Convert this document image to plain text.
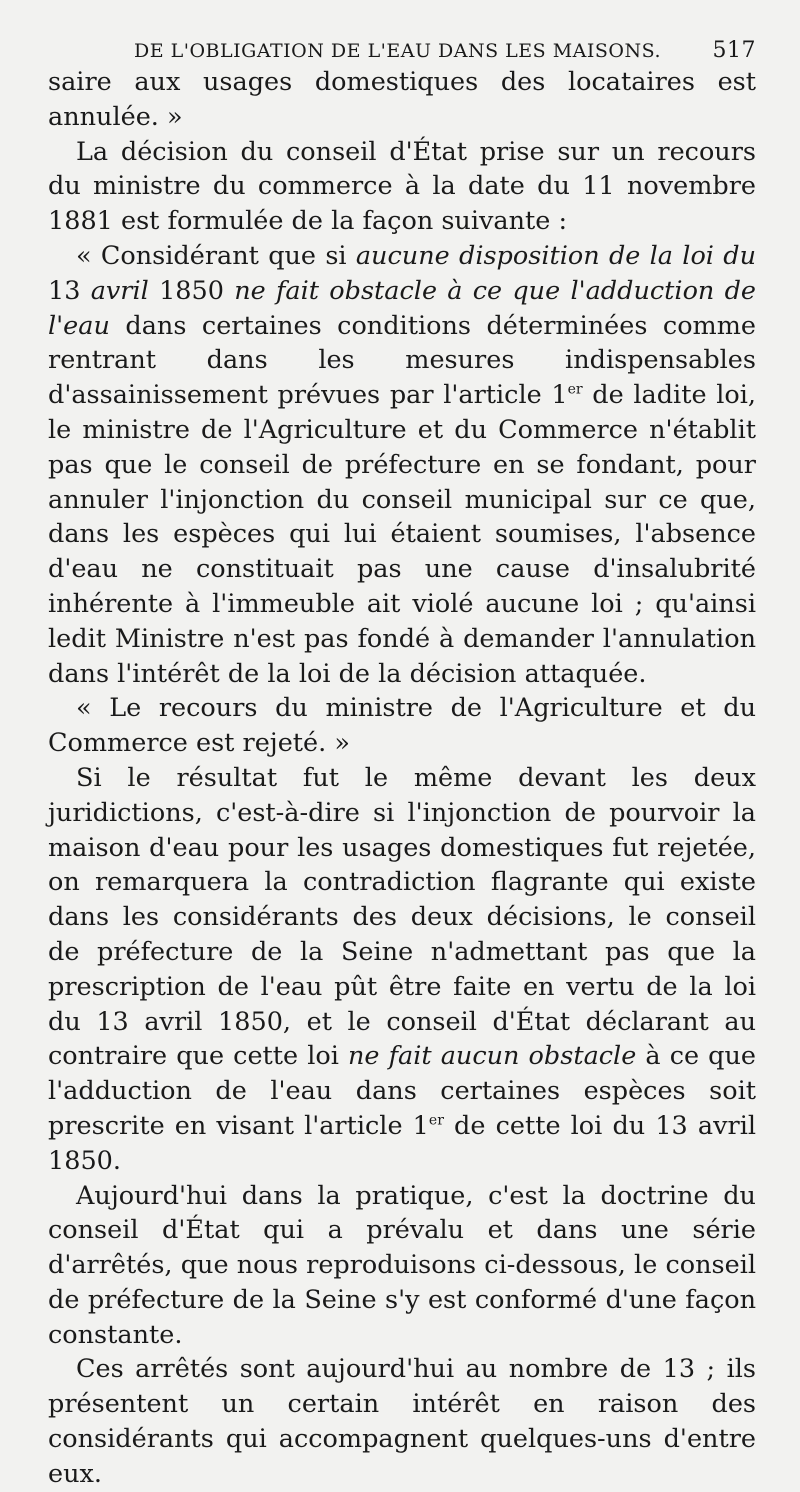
DE L'OBLIGATION DE L'EAU DANS LES MAISONS. 517

saire aux usages domestiques des locataires est annulée. »

La décision du conseil d'État prise sur un recours du ministre du commerce à la date du 11 novembre 1881 est formulée de la façon suivante :

« Considérant que si aucune disposition de la loi du 13 avril 1850 ne fait obstacle à ce que l'adduction de l'eau dans certaines conditions déterminées comme rentrant dans les mesures indispensables d'assainissement prévues par l'article 1er de ladite loi, le ministre de l'Agriculture et du Commerce n'établit pas que le conseil de préfecture en se fondant, pour annuler l'injonction du conseil municipal sur ce que, dans les espèces qui lui étaient soumises, l'absence d'eau ne constituait pas une cause d'insalubrité inhérente à l'immeuble ait violé aucune loi ; qu'ainsi ledit Ministre n'est pas fondé à demander l'annulation dans l'intérêt de la loi de la décision attaquée.

« Le recours du ministre de l'Agriculture et du Commerce est rejeté. »

Si le résultat fut le même devant les deux juridictions, c'est-à-dire si l'injonction de pourvoir la maison d'eau pour les usages domestiques fut rejetée, on remarquera la contradiction flagrante qui existe dans les considérants des deux décisions, le conseil de préfecture de la Seine n'admettant pas que la prescription de l'eau pût être faite en vertu de la loi du 13 avril 1850, et le conseil d'État déclarant au contraire que cette loi ne fait aucun obstacle à ce que l'adduction de l'eau dans certaines espèces soit prescrite en visant l'article 1er de cette loi du 13 avril 1850.

Aujourd'hui dans la pratique, c'est la doctrine du conseil d'État qui a prévalu et dans une série d'arrêtés, que nous reproduisons ci-dessous, le conseil de préfecture de la Seine s'y est conformé d'une façon constante.

Ces arrêtés sont aujourd'hui au nombre de 13 ; ils présentent un certain intérêt en raison des considérants qui accompagnent quelques-uns d'entre eux.
